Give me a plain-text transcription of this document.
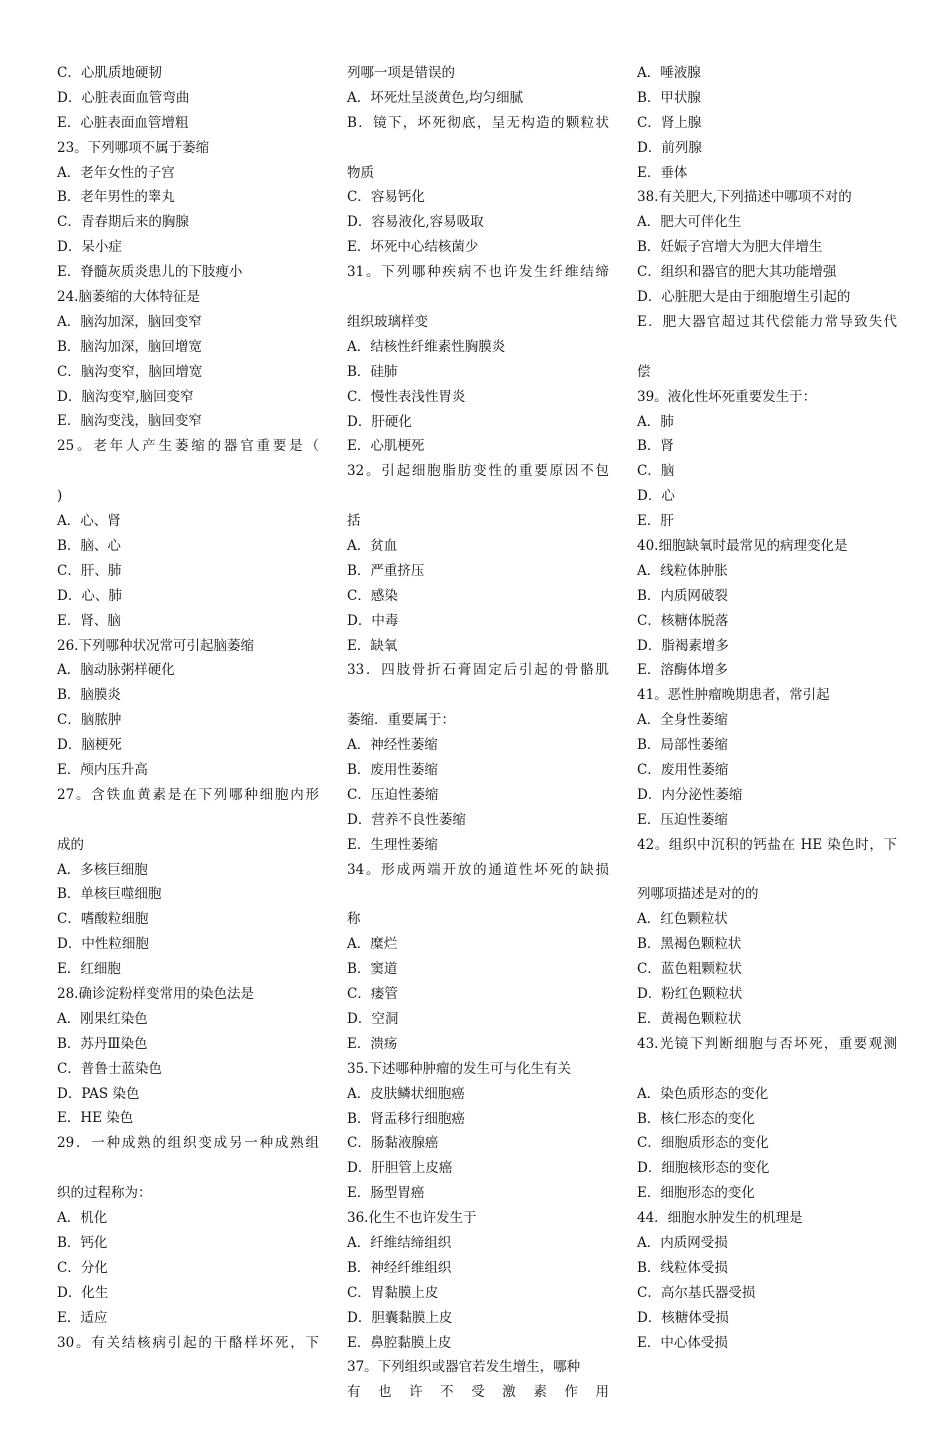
C．心肌质地硬韧
D．心脏表面血管弯曲
E．心脏表面血管增粗
23。下列哪项不属于萎缩
A．老年女性的子宫
B．老年男性的睾丸
C．青春期后来的胸腺
D．呆小症
E．脊髓灰质炎患儿的下肢瘦小
24.脑萎缩的大体特征是
A．脑沟加深，脑回变窄
B．脑沟加深，脑回增宽
C．脑沟变窄，脑回增宽
D．脑沟变窄,脑回变窄
E．脑沟变浅，脑回变窄
25。老年人产生萎缩的器官重要是（
)
A．心、肾
B．脑、心
C．肝、肺
D．心、肺
E．肾、脑
26.下列哪种状况常可引起脑萎缩
A．脑动脉粥样硬化
B．脑膜炎
C．脑脓肿
D．脑梗死
E．颅内压升高
27。含铁血黄素是在下列哪种细胞内形
成的
A．多核巨细胞
B．单核巨噬细胞
C．嗜酸粒细胞
D．中性粒细胞
E．红细胞
28.确诊淀粉样变常用的染色法是
A．刚果红染色
B．苏丹Ⅲ染色
C．普鲁士蓝染色
D．PAS 染色
E．HE 染色
29．一种成熟的组织变成另一种成熟组
织的过程称为：
A．机化
B．钙化
C．分化
D．化生
E．适应
30。有关结核病引起的干酪样坏死，下
列哪一项是错误的
A．坏死灶呈淡黄色,均匀细腻
B．镜下，坏死彻底，呈无构造的颗粒状
物质
C．容易钙化
D．容易液化,容易吸取
E．坏死中心结核菌少
31。下列哪种疾病不也许发生纤维结缔
组织玻璃样变
A．结核性纤维素性胸膜炎
B．硅肺
C．慢性表浅性胃炎
D．肝硬化
E．心肌梗死
32。引起细胞脂肪变性的重要原因不包
括
A．贫血
B．严重挤压
C．感染
D．中毒
E．缺氧
33．四肢骨折石膏固定后引起的骨骼肌
萎缩．重要属于：
A．神经性萎缩
B．废用性萎缩
C．压迫性萎缩
D．营养不良性萎缩
E．生理性萎缩
34。形成两端开放的通道性坏死的缺损
称
A．糜烂
B．窦道
C．瘘管
D．空洞
E．溃疡
35.下述哪种肿瘤的发生可与化生有关
A．皮肤鳞状细胞癌
B．肾盂移行细胞癌
C．肠黏液腺癌
D．肝胆管上皮癌
E．肠型胃癌
36.化生不也许发生于
A．纤维结缔组织
B．神经纤维组织
C．胃黏膜上皮
D．胆囊黏膜上皮
E．鼻腔黏膜上皮
37。下列组织或器官若发生增生，哪种
有也许不受激素作用
A．唾液腺
B．甲状腺
C．肾上腺
D．前列腺
E．垂体
38.有关肥大,下列描述中哪项不对的
A．肥大可伴化生
B．妊娠子宫增大为肥大伴增生
C．组织和器官的肥大其功能增强
D．心脏肥大是由于细胞增生引起的
E．肥大器官超过其代偿能力常导致失代
偿
39。液化性坏死重要发生于：
A．肺
B．肾
C．脑
D．心
E．肝
40.细胞缺氧时最常见的病理变化是
A．线粒体肿胀
B．内质网破裂
C．核糖体脱落
D．脂褐素增多
E．溶酶体增多
41。恶性肿瘤晚期患者，常引起
A．全身性萎缩
B．局部性萎缩
C．废用性萎缩
D．内分泌性萎缩
E．压迫性萎缩
42。组织中沉积的钙盐在 HE 染色时，下
列哪项描述是对的的
A．红色颗粒状
B．黑褐色颗粒状
C．蓝色粗颗粒状
D．粉红色颗粒状
E．黄褐色颗粒状
43.光镜下判断细胞与否坏死，重要观测
A．染色质形态的变化
B．核仁形态的变化
C．细胞质形态的变化
D．细胞核形态的变化
E．细胞形态的变化
44．细胞水肿发生的机理是
A．内质网受损
B．线粒体受损
C．高尔基氏器受损
D．核糖体受损
E．中心体受损
